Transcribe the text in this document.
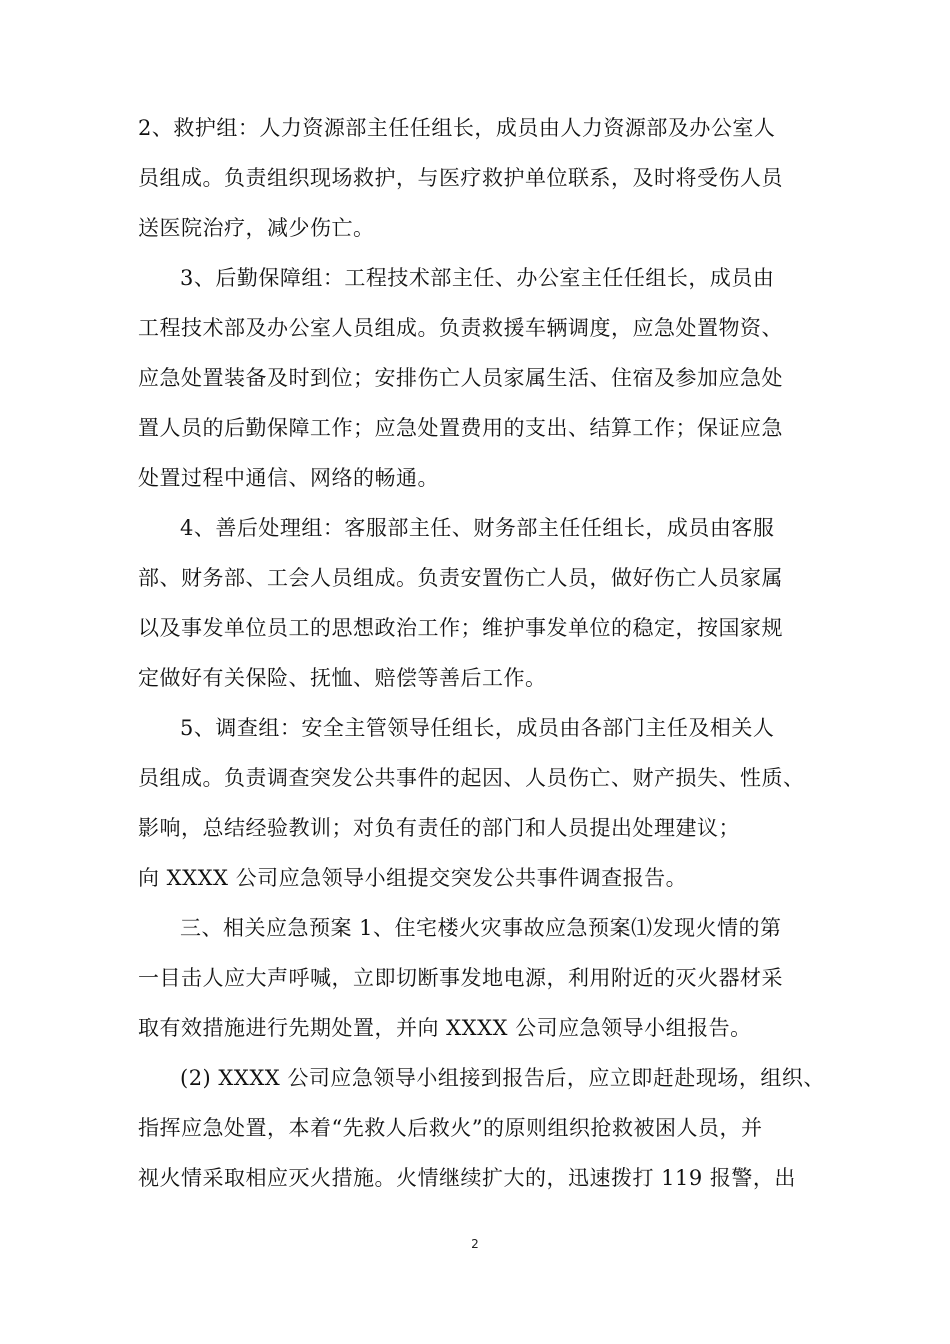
2、救护组：人力资源部主任任组长，成员由人力资源部及办公室人
员组成。负责组织现场救护，与医疗救护单位联系，及时将受伤人员
送医院治疗，减少伤亡。
3、后勤保障组：工程技术部主任、办公室主任任组长，成员由
工程技术部及办公室人员组成。负责救援车辆调度，应急处置物资、
应急处置装备及时到位；安排伤亡人员家属生活、住宿及参加应急处
置人员的后勤保障工作；应急处置费用的支出、结算工作；保证应急
处置过程中通信、网络的畅通。
4、善后处理组：客服部主任、财务部主任任组长，成员由客服
部、财务部、工会人员组成。负责安置伤亡人员，做好伤亡人员家属
以及事发单位员工的思想政治工作；维护事发单位的稳定，按国家规
定做好有关保险、抚恤、赔偿等善后工作。
5、调查组：安全主管领导任组长，成员由各部门主任及相关人
员组成。负责调查突发公共事件的起因、人员伤亡、财产损失、性质、
影响，总结经验教训；对负有责任的部门和人员提出处理建议；
向 XXXX 公司应急领导小组提交突发公共事件调查报告。
三、相关应急预案 1、住宅楼火灾事故应急预案⑴发现火情的第
一目击人应大声呼喊，立即切断事发地电源，利用附近的灭火器材采
取有效措施进行先期处置，并向 XXXX 公司应急领导小组报告。
(2) XXXX 公司应急领导小组接到报告后，应立即赶赴现场，组织、
指挥应急处置，本着“先救人后救火”的原则组织抢救被困人员，并
视火情采取相应灭火措施。火情继续扩大的，迅速拨打 119 报警，出
2
